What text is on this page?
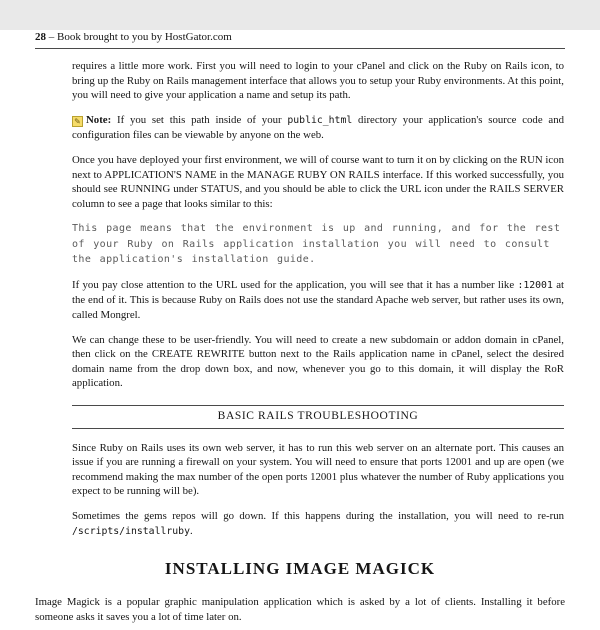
28 – Book brought to you by HostGator.com

requires a little more work. First you will need to login to your cPanel and click on the Ruby on Rails icon, to bring up the Ruby on Rails management interface that allows you to setup your Ruby environments. At this point, you will need to give your application a name and setup its path.

✎ Note: If you set this path inside of your public_html directory your application's source code and configuration files can be viewable by anyone on the web.

Once you have deployed your first environment, we will of course want to turn it on by clicking on the RUN icon next to APPLICATION'S NAME in the MANAGE RUBY ON RAILS interface. If this worked successfully, you should see RUNNING under STATUS, and you should be able to click the URL icon under the RAILS SERVER column to see a page that looks similar to this:

This page means that the environment is up and running, and for the rest of your Ruby on Rails application installation you will need to consult the application's installation guide.

If you pay close attention to the URL used for the application, you will see that it has a number like :12001 at the end of it. This is because Ruby on Rails does not use the standard Apache web server, but rather uses its own, called Mongrel.

We can change these to be user-friendly. You will need to create a new subdomain or addon domain in cPanel, then click on the CREATE REWRITE button next to the Rails application name in cPanel, select the desired domain name from the drop down box, and now, whenever you go to this domain, it will display the RoR application.

BASIC RAILS TROUBLESHOOTING

Since Ruby on Rails uses its own web server, it has to run this web server on an alternate port. This causes an issue if you are running a firewall on your system. You will need to ensure that ports 12001 and up are open (we recommend making the max number of the open ports 12001 plus whatever the number of Ruby applications you expect to be running will be).

Sometimes the gems repos will go down. If this happens during the installation, you will need to re-run /scripts/installruby.

INSTALLING IMAGE MAGICK

Image Magick is a popular graphic manipulation application which is asked by a lot of clients. Installing it before someone asks it saves you a lot of time later on.
